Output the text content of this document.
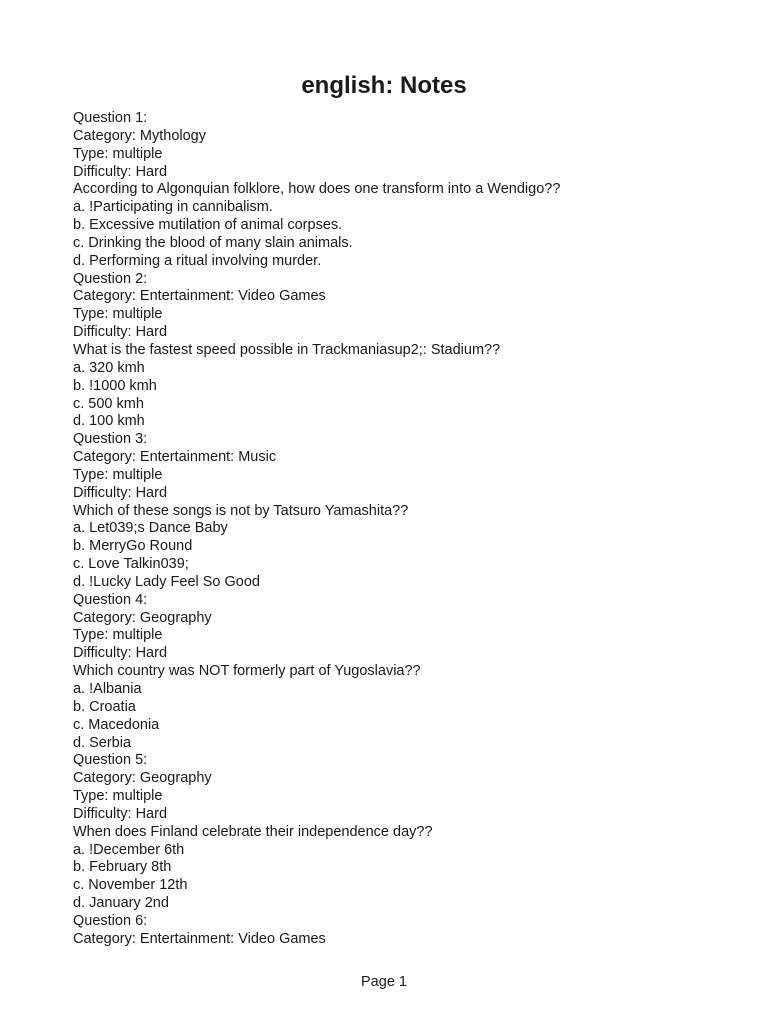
english: Notes
Question 1:
Category: Mythology
Type: multiple
Difficulty: Hard
According to Algonquian folklore, how does one transform into a Wendigo??
a. !Participating in cannibalism.
b. Excessive mutilation of animal corpses.
c. Drinking the blood of many slain animals.
d. Performing a ritual involving murder.
Question 2:
Category: Entertainment: Video Games
Type: multiple
Difficulty: Hard
What is the fastest speed possible in Trackmaniasup2;: Stadium??
a. 320 kmh
b. !1000 kmh
c. 500 kmh
d. 100 kmh
Question 3:
Category: Entertainment: Music
Type: multiple
Difficulty: Hard
Which of these songs is not by Tatsuro Yamashita??
a. Let039;s Dance Baby
b. MerryGo Round
c. Love Talkin039;
d. !Lucky Lady Feel So Good
Question 4:
Category: Geography
Type: multiple
Difficulty: Hard
Which country was NOT formerly part of Yugoslavia??
a. !Albania
b. Croatia
c. Macedonia
d. Serbia
Question 5:
Category: Geography
Type: multiple
Difficulty: Hard
When does Finland celebrate their independence day??
a. !December 6th
b. February 8th
c. November 12th
d. January 2nd
Question 6:
Category: Entertainment: Video Games
Page 1
